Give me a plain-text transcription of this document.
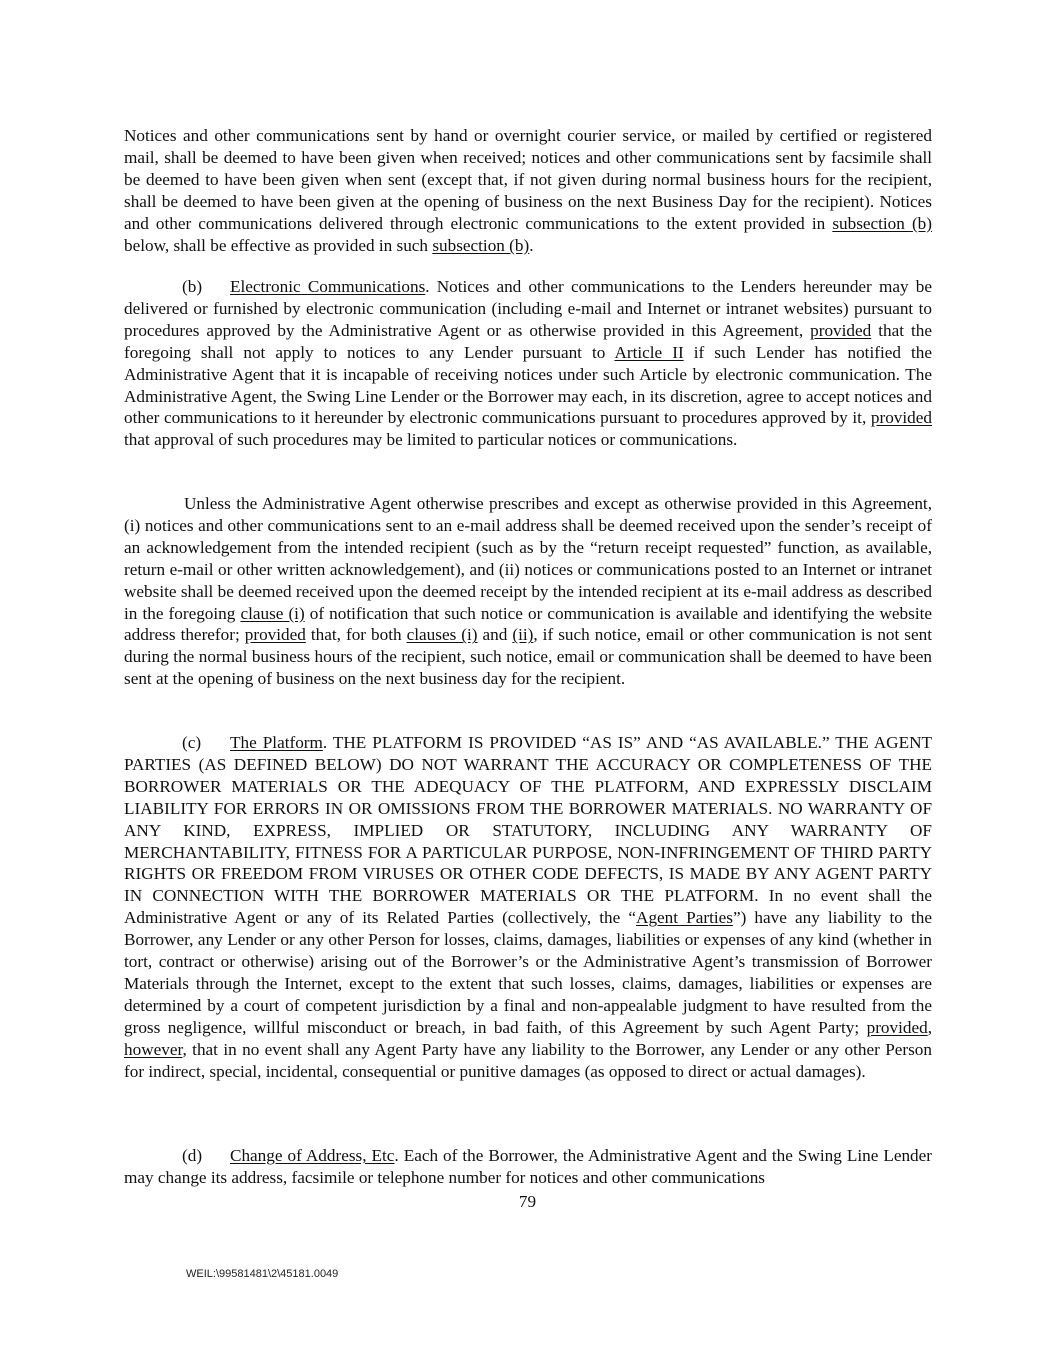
Notices and other communications sent by hand or overnight courier service, or mailed by certified or registered mail, shall be deemed to have been given when received; notices and other communications sent by facsimile shall be deemed to have been given when sent (except that, if not given during normal business hours for the recipient, shall be deemed to have been given at the opening of business on the next Business Day for the recipient). Notices and other communications delivered through electronic communications to the extent provided in subsection (b) below, shall be effective as provided in such subsection (b).

(b) Electronic Communications. Notices and other communications to the Lenders hereunder may be delivered or furnished by electronic communication (including e-mail and Internet or intranet websites) pursuant to procedures approved by the Administrative Agent or as otherwise provided in this Agreement, provided that the foregoing shall not apply to notices to any Lender pursuant to Article II if such Lender has notified the Administrative Agent that it is incapable of receiving notices under such Article by electronic communication. The Administrative Agent, the Swing Line Lender or the Borrower may each, in its discretion, agree to accept notices and other communications to it hereunder by electronic communications pursuant to procedures approved by it, provided that approval of such procedures may be limited to particular notices or communications.

Unless the Administrative Agent otherwise prescribes and except as otherwise provided in this Agreement, (i) notices and other communications sent to an e-mail address shall be deemed received upon the sender’s receipt of an acknowledgement from the intended recipient (such as by the “return receipt requested” function, as available, return e-mail or other written acknowledgement), and (ii) notices or communications posted to an Internet or intranet website shall be deemed received upon the deemed receipt by the intended recipient at its e-mail address as described in the foregoing clause (i) of notification that such notice or communication is available and identifying the website address therefor; provided that, for both clauses (i) and (ii), if such notice, email or other communication is not sent during the normal business hours of the recipient, such notice, email or communication shall be deemed to have been sent at the opening of business on the next business day for the recipient.

(c) The Platform. THE PLATFORM IS PROVIDED “AS IS” AND “AS AVAILABLE.” THE AGENT PARTIES (AS DEFINED BELOW) DO NOT WARRANT THE ACCURACY OR COMPLETENESS OF THE BORROWER MATERIALS OR THE ADEQUACY OF THE PLATFORM, AND EXPRESSLY DISCLAIM LIABILITY FOR ERRORS IN OR OMISSIONS FROM THE BORROWER MATERIALS. NO WARRANTY OF ANY KIND, EXPRESS, IMPLIED OR STATUTORY, INCLUDING ANY WARRANTY OF MERCHANTABILITY, FITNESS FOR A PARTICULAR PURPOSE, NON-INFRINGEMENT OF THIRD PARTY RIGHTS OR FREEDOM FROM VIRUSES OR OTHER CODE DEFECTS, IS MADE BY ANY AGENT PARTY IN CONNECTION WITH THE BORROWER MATERIALS OR THE PLATFORM. In no event shall the Administrative Agent or any of its Related Parties (collectively, the “Agent Parties”) have any liability to the Borrower, any Lender or any other Person for losses, claims, damages, liabilities or expenses of any kind (whether in tort, contract or otherwise) arising out of the Borrower’s or the Administrative Agent’s transmission of Borrower Materials through the Internet, except to the extent that such losses, claims, damages, liabilities or expenses are determined by a court of competent jurisdiction by a final and non-appealable judgment to have resulted from the gross negligence, willful misconduct or breach, in bad faith, of this Agreement by such Agent Party; provided, however, that in no event shall any Agent Party have any liability to the Borrower, any Lender or any other Person for indirect, special, incidental, consequential or punitive damages (as opposed to direct or actual damages).

(d) Change of Address, Etc. Each of the Borrower, the Administrative Agent and the Swing Line Lender may change its address, facsimile or telephone number for notices and other communications

79
WEIL:\99581481\2\45181.0049
